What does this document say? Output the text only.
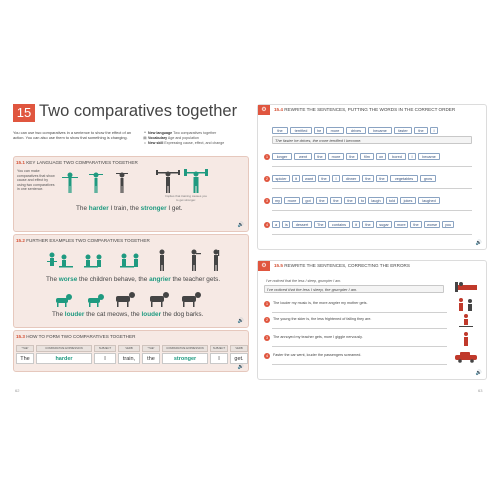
15 Two comparatives together
You can use two comparatives in a sentence to show the effect of an action. You can also use them to show that something is changing.
❝ New language Two comparatives together
▤ Vocabulary Age and population
⌂ New skill Expressing cause, effect, and change
15.1 KEY LANGUAGE TWO COMPARATIVES TOGETHER
You can make comparatives that show cause and effect by using two comparatives in one sentence.
Implies that training causes you to get stronger.
The harder I train, the stronger I get.
🔊
15.2 FURTHER EXAMPLES TWO COMPARATIVES TOGETHER
The worse the children behave, the angrier the teacher gets.
The louder the cat meows, the louder the dog barks.
🔊
15.3 HOW TO FORM TWO COMPARATIVES TOGETHER
"THE"	COMPARATIVE EXPRESSION	SUBJECT	VERB	"THE"	COMPARATIVE EXPRESSION	SUBJECT	VERB
The	harder	I	train,	the	stronger	I	get.
🔊
62
⚙	15.4 REWRITE THE SENTENCES, PUTTING THE WORDS IN THE CORRECT ORDER
the	terrified	he	more	drives	became	faster	the	I
The faster he drives, the more terrified I become.
1	longer	went	the	more	the	film	on	bored	I	became
2	spicier	it	want	the	I	dinner	the	the	vegetables	grow
3	my	more	got	the	the	the	to	laugh	told	jokes	laughed
4	a	is	dessert	The	contains	it	the	sugar	more	the	worse	you
🔊
⚙	15.5 REWRITE THE SENTENCES, CORRECTING THE ERRORS
I've noticed that the less I sleep, grumpier I am.
I've noticed that the less I sleep, the grumpier I am.
1	The louder my music is, the more angrier my mother gets.
2	The young the skier is, the less frightened of falling they are.
3	The annoyed my teacher gets, more I giggle nervously.
4	Faster the car went, louder the passengers screamed.
🔊
63
